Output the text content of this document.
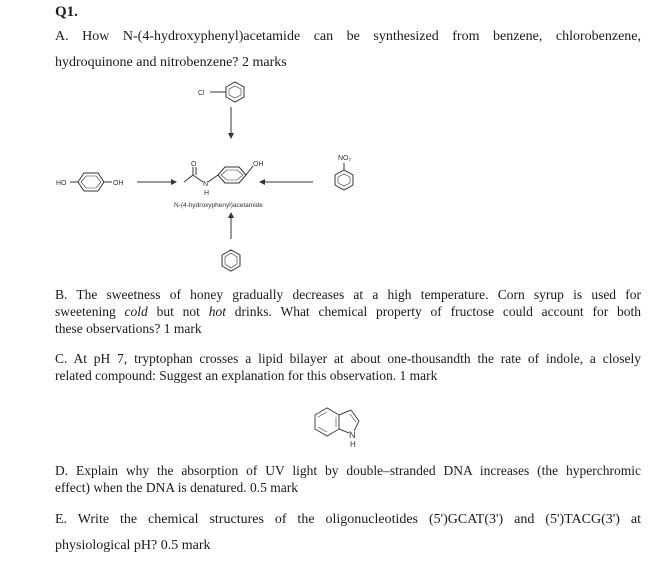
Q1.
A. How N-(4-hydroxyphenyl)acetamide can be synthesized from benzene, chlorobenzene,
hydroquinone and nitrobenzene? 2 marks
Cl
HO	OH
O
N
H
OH
NO₂
N-(4-hydroxyphenyl)acetamide
B. The sweetness of honey gradually decreases at a high temperature. Corn syrup is used for
sweetening cold but not hot drinks. What chemical property of fructose could account for both
these observations? 1 mark
C. At pH 7, tryptophan crosses a lipid bilayer at about one-thousandth the rate of indole, a closely
related compound: Suggest an explanation for this observation. 1 mark
N
H
D. Explain why the absorption of UV light by double–stranded DNA increases (the hyperchromic
effect) when the DNA is denatured. 0.5 mark
E. Write the chemical structures of the oligonucleotides (5')GCAT(3') and (5')TACG(3') at
physiological pH? 0.5 mark
